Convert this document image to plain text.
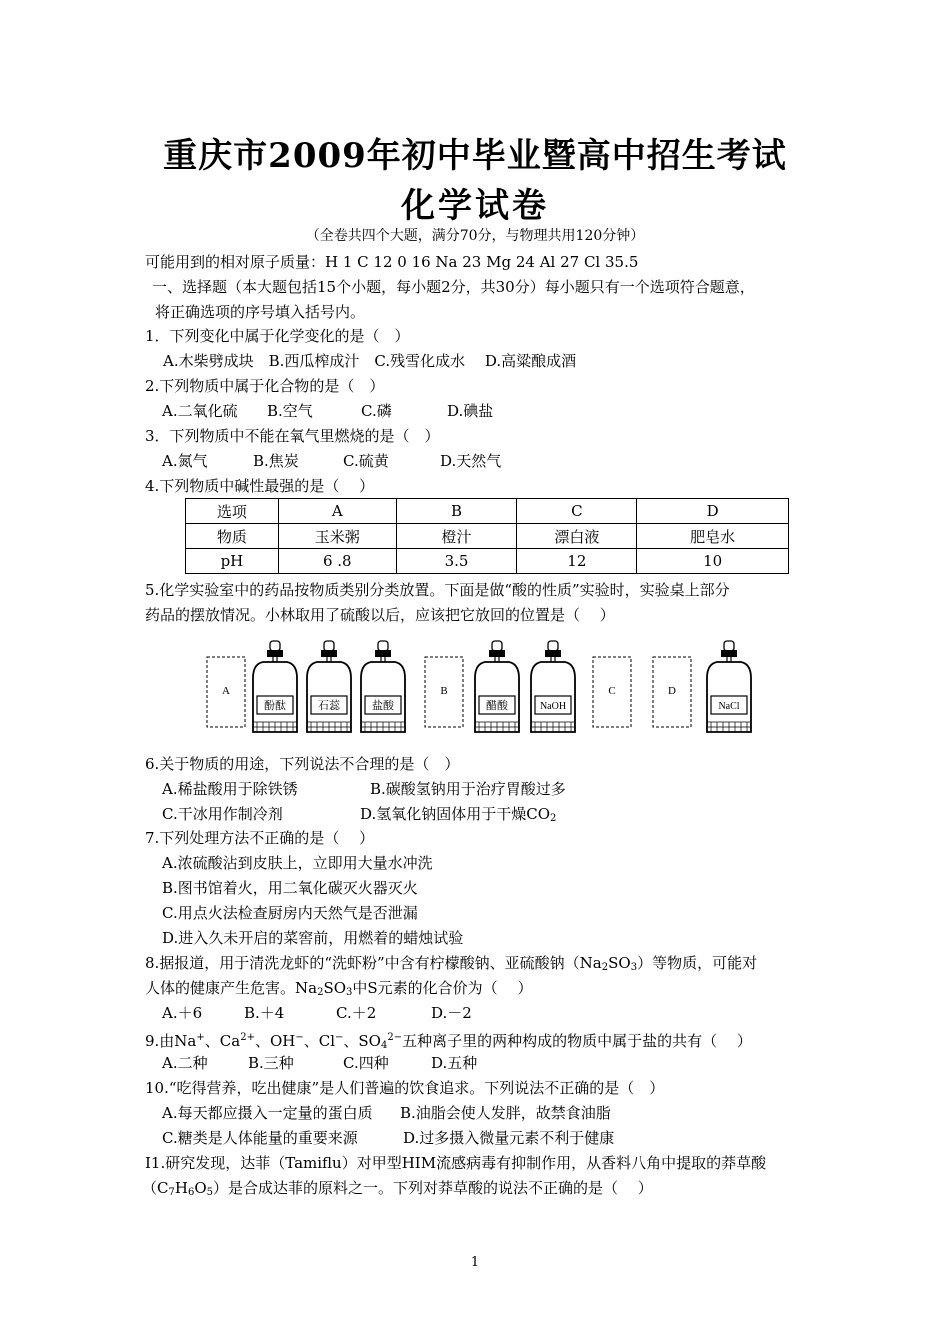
重庆市2009年初中毕业暨高中招生考试
化学试卷
（全卷共四个大题，满分70分，与物理共用120分钟）
可能用到的相对原子质量：H 1 C 12 0 16 Na 23 Mg 24 Al 27 Cl 35.5
一、选择题（本大题包括15个小题，每小题2分，共30分）每小题只有一个选项符合题意，
将正确选项的序号填入括号内。
1．下列变化中属于化学变化的是（　）
A.木柴劈成块　B.西瓜榨成汁　C.残雪化成水　 D.高粱酿成酒
2.下列物质中属于化合物的是（　）
A.二氧化硫 B.空气	C.磷	D.碘盐
3．下列物质中不能在氧气里燃烧的是（　）
A.氮气	B.焦炭	C.硫黄	D.天然气
4.下列物质中碱性最强的是（　 ）
选项	A	B	C	D
物质	玉米粥	橙汁	漂白液	肥皂水
pH	6 .8	3.5	12	10
5.化学实验室中的药品按物质类别分类放置。下面是做“酸的性质”实验时，实验桌上部分
药品的摆放情况。小林取用了硫酸以后，应该把它放回的位置是（　 ）
A
酚酞	石蕊	盐酸
B
醋酸	NaOH
C	D
NaCl
6.关于物质的用途，下列说法不合理的是（　）
A.稀盐酸用于除铁锈	B.碳酸氢钠用于治疗胃酸过多
C.干冰用作制冷剂	D.氢氧化钠固体用于干燥$CO_2$
7.下列处理方法不正确的是（　 ）
A.浓硫酸沾到皮肤上，立即用大量水冲洗
B.图书馆着火，用二氧化碳灭火器灭火
C.用点火法检查厨房内天然气是否泄漏
D.进入久未开启的菜窖前，用燃着的蜡烛试验
8.据报道，用于清洗龙虾的“洗虾粉”中含有柠檬酸钠、亚硫酸钠$(Na_2SO_3)$等物质，可能对
人体的健康产生危害。$Na_2SO_3$中S元素的化合价为（　 ）
A.＋6	B.＋4	C.＋2	D.－2
9.由Na+、$Ca^{2+}$、OH−、Cl−、$SO_4^{2-}$五种离子里的两种构成的物质中属于盐的共有（　 ）
A.二种	B.三种	C.四种	D.五种
10.“吃得营养，吃出健康”是人们普遍的饮食追求。下列说法不正确的是（　）
A.每天都应摄入一定量的蛋白质 B.油脂会使人发胖，故禁食油脂
C.糖类是人体能量的重要来源	D.过多摄入微量元素不利于健康
I1.研究发现，达菲（Tamiflu）对甲型HIM流感病毒有抑制作用，从香料八角中提取的莽草酸
$(C_7H_6O_5)$是合成达菲的原料之一。下列对莽草酸的说法不正确的是（　 ）
1
